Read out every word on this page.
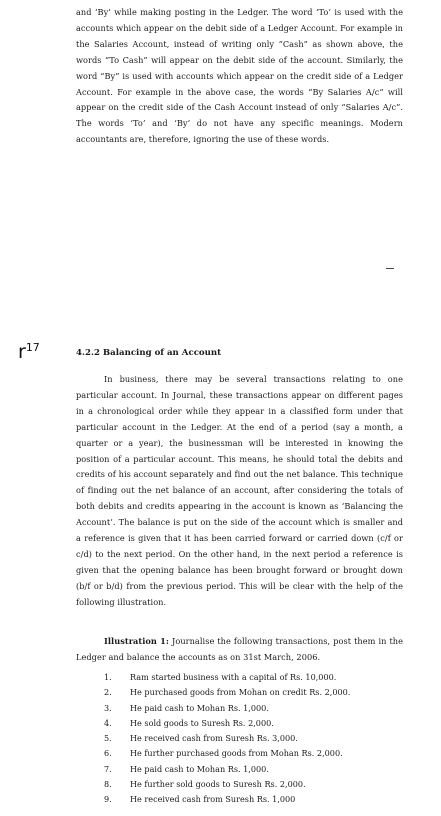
and ‘By’ while making posting in the Ledger. The word ‘To’ is used with the accounts which appear on the debit side of a Ledger Account. For example in the Salaries Account, instead of writing only “Cash” as shown above, the words “To Cash” will appear on the debit side of the account. Similarly, the word “By” is used with accounts which appear on the credit side of a Ledger Account. For example in the above case, the words “By Salaries A/c” will appear on the credit side of the Cash Account instead of only “Salaries A/c”. The words ‘To’ and ‘By’ do not have any specific meanings. Modern accountants are, therefore, ignoring the use of these words.

$r^{17}$	4.2.2 Balancing of an Account

In business, there may be several transactions relating to one particular account. In Journal, these transactions appear on different pages in a chronological order while they appear in a classified form under that particular account in the Ledger. At the end of a period (say a month, a quarter or a year), the businessman will be interested in knowing the position of a particular account. This means, he should total the debits and credits of his account separately and find out the net balance. This technique of finding out the net balance of an account, after considering the totals of both debits and credits appearing in the account is known as ‘Balancing the Account’. The balance is put on the side of the account which is smaller and a reference is given that it has been carried forward or carried down (c/f or c/d) to the next period. On the other hand, in the next period a reference is given that the opening balance has been brought forward or brought down (b/f or b/d) from the previous period. This will be clear with the help of the following illustration.

Illustration 1: Journalise the following transactions, post them in the Ledger and balance the accounts as on 31st March, 2006.

1. Ram started business with a capital of Rs. 10,000.
2. He purchased goods from Mohan on credit Rs. 2,000.
3. He paid cash to Mohan Rs. 1,000.
4. He sold goods to Suresh Rs. 2,000.
5. He received cash from Suresh Rs. 3,000.
6. He further purchased goods from Mohan Rs. 2,000.
7. He paid cash to Mohan Rs. 1,000.
8. He further sold goods to Suresh Rs. 2,000.
9. He received cash from Suresh Rs. 1,000
